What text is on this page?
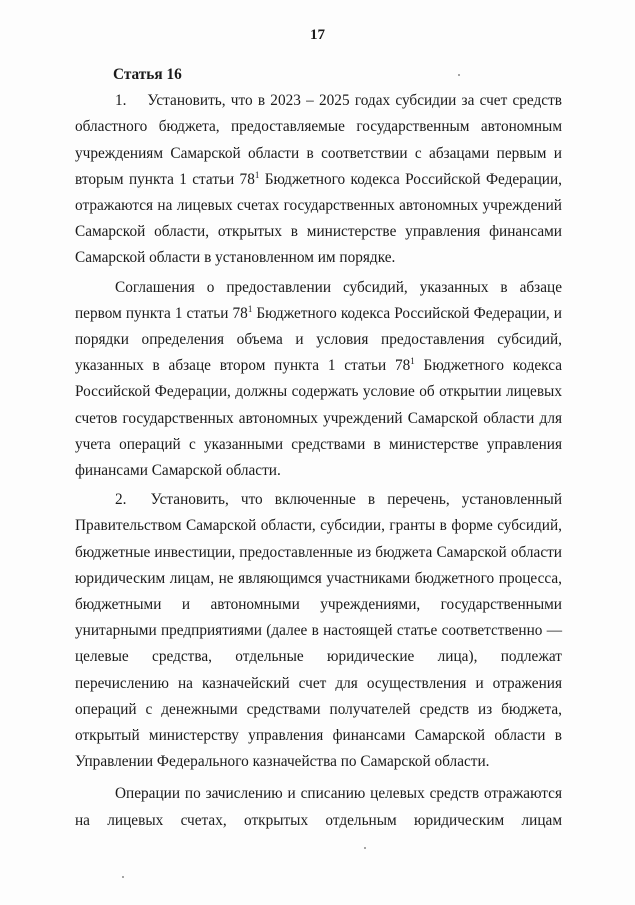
17

Статья 16

1.    Установить, что в 2023 – 2025 годах субсидии за счет средств областного бюджета, предоставляемые государственным автономным учреждениям Самарской области в соответствии с абзацами первым и вторым пункта 1 статьи $78^1$ Бюджетного кодекса Российской Федерации, отражаются на лицевых счетах государственных автономных учреждений Самарской области, открытых в министерстве управления финансами Самарской области в установленном им порядке.

Соглашения о предоставлении субсидий, указанных в абзаце первом пункта 1 статьи $78^1$ Бюджетного кодекса Российской Федерации, и порядки определения объема и условия предоставления субсидий, указанных в абзаце втором пункта 1 статьи $78^1$ Бюджетного кодекса Российской Федерации, должны содержать условие об открытии лицевых счетов государственных автономных учреждений Самарской области для учета операций с указанными средствами в министерстве управления финансами Самарской области.

2.  Установить, что включенные в перечень, установленный Правительством Самарской области, субсидии, гранты в форме субсидий, бюджетные инвестиции, предоставленные из бюджета Самарской области юридическим лицам, не являющимся участниками бюджетного процесса, бюджетными и автономными учреждениями, государственными унитарными предприятиями (далее в настоящей статье соответственно — целевые средства, отдельные юридические лица), подлежат перечислению на казначейский счет для осуществления и отражения операций с денежными средствами получателей средств из бюджета, открытый министерству управления финансами Самарской области в Управлении Федерального казначейства по Самарской области.

Операции по зачислению и списанию целевых средств отражаются на лицевых счетах, открытых отдельным юридическим лицам
